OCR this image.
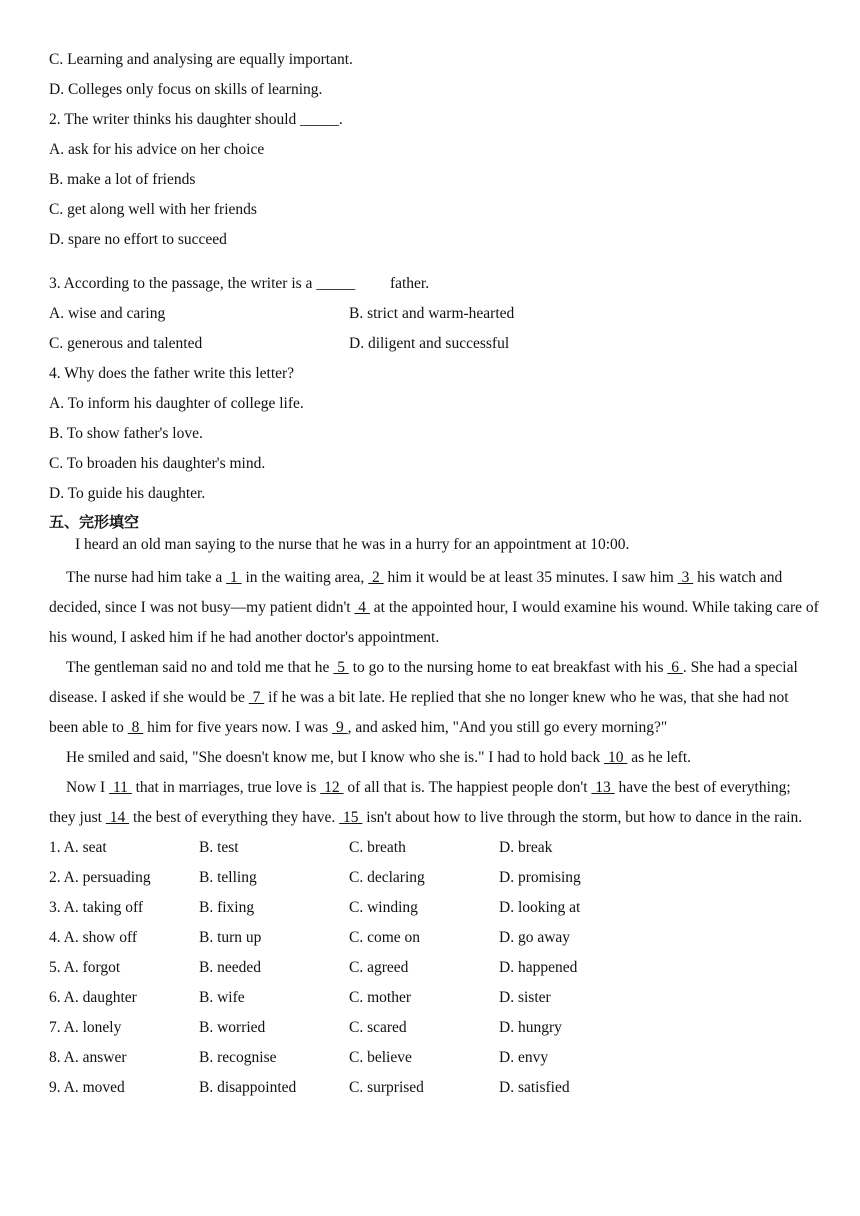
C. Learning and analysing are equally important.
D. Colleges only focus on skills of learning.
2. The writer thinks his daughter should _____.
A. ask for his advice on her choice
B. make a lot of friends
C. get along well with her friends
D. spare no effort to succeed
3. According to the passage, the writer is a _____         father.
A. wise and caring	B. strict and warm-hearted
C. generous and talented	D. diligent and successful
4. Why does the father write this letter?
A. To inform his daughter of college life.
B. To show father's love.
C. To broaden his daughter's mind.
D. To guide his daughter.
五、完形填空
I heard an old man saying to the nurse that he was in a hurry for an appointment at 10:00.
The nurse had him take a  1  in the waiting area,  2  him it would be at least 35 minutes. I saw him  3  his watch and decided, since I was not busy—my patient didn't  4  at the appointed hour, I would examine his wound. While taking care of his wound, I asked him if he had another doctor's appointment.
The gentleman said no and told me that he  5  to go to the nursing home to eat breakfast with his  6 . She had a special disease. I asked if she would be  7  if he was a bit late. He replied that she no longer knew who he was, that she had not been able to  8  him for five years now. I was  9 , and asked him, "And you still go every morning?"
He smiled and said, "She doesn't know me, but I know who she is." I had to hold back  10  as he left.
Now I  11  that in marriages, true love is  12  of all that is. The happiest people don't  13  have the best of everything; they just  14  the best of everything they have.  15  isn't about how to live through the storm, but how to dance in the rain.
1. A. seat	B. test	C. breath	D. break
2. A. persuading	B. telling	C. declaring	D. promising
3. A. taking off	B. fixing	C. winding	D. looking at
4. A. show off	B. turn up	C. come on	D. go away
5. A. forgot	B. needed	C. agreed	D. happened
6. A. daughter	B. wife	C. mother	D. sister
7. A. lonely	B. worried	C. scared	D. hungry
8. A. answer	B. recognise	C. believe	D. envy
9. A. moved	B. disappointed	C. surprised	D. satisfied
